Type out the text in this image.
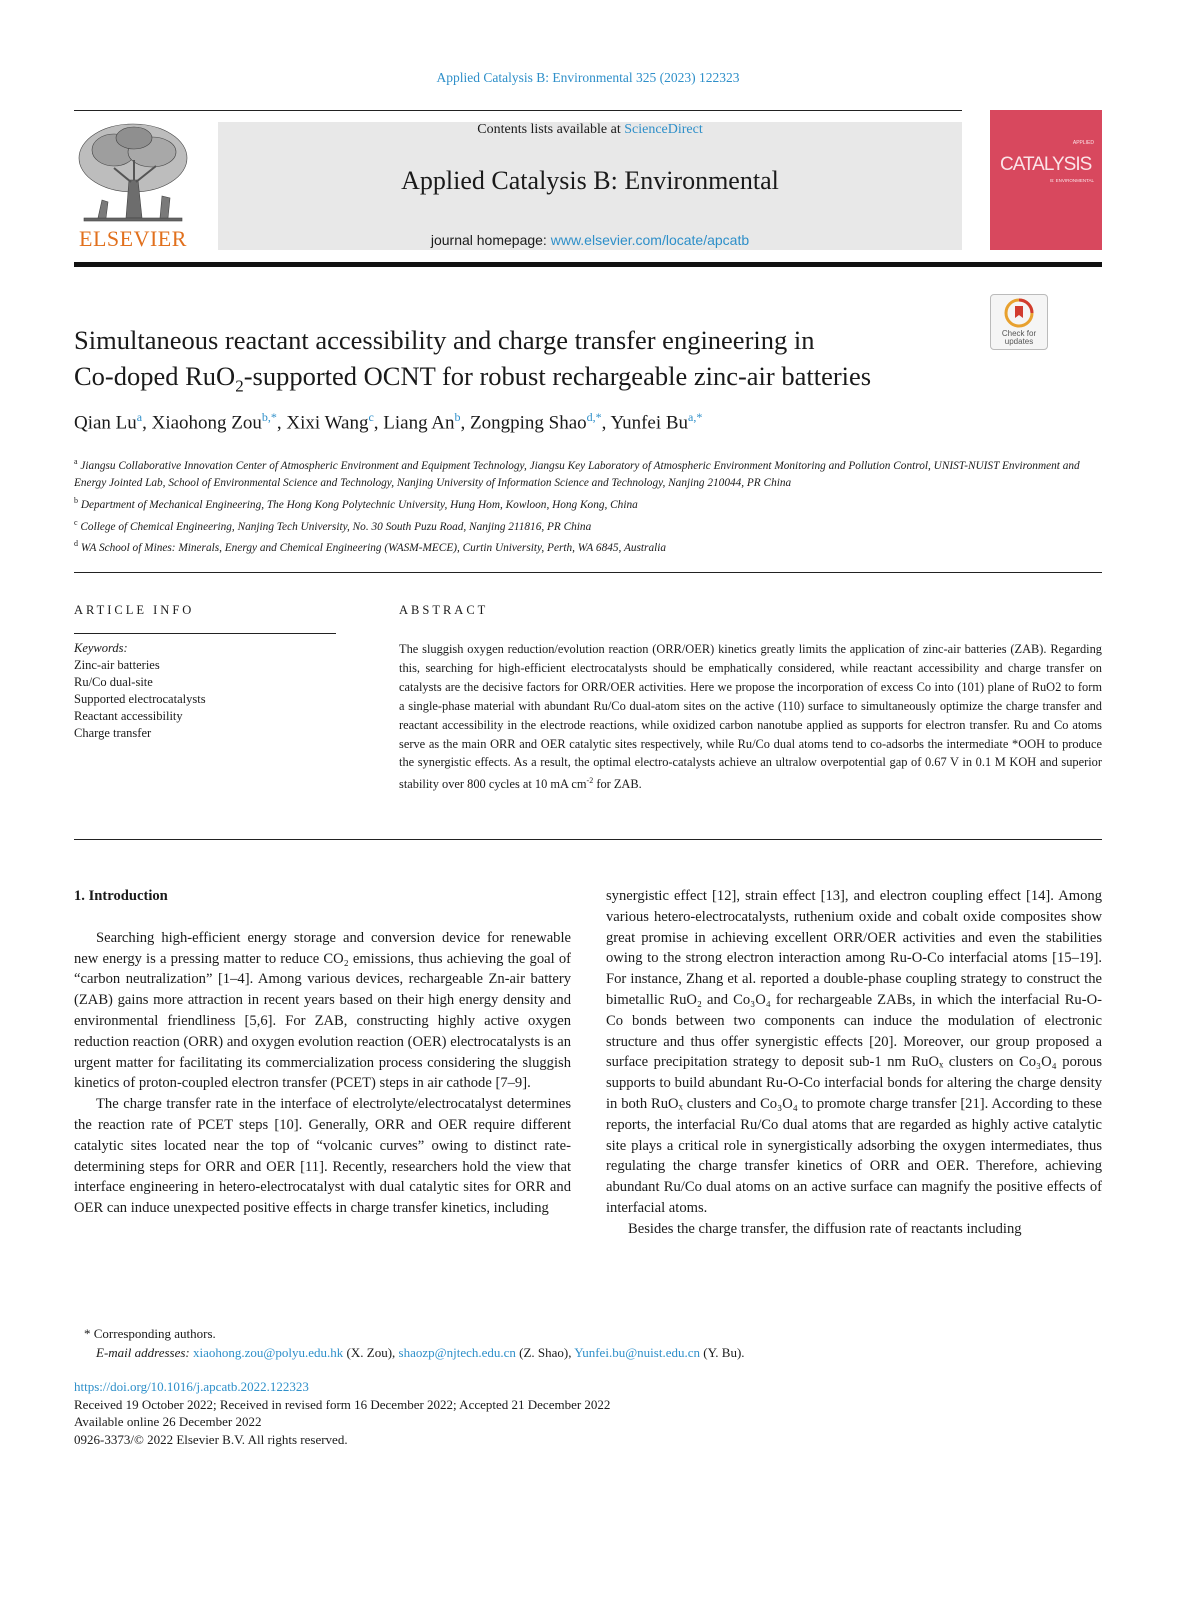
Applied Catalysis B: Environmental 325 (2023) 122323
ELSEVIER
Contents lists available at ScienceDirect
Applied Catalysis B: Environmental
journal homepage: www.elsevier.com/locate/apcatb
APPLIED
CATALYSIS
B: ENVIRONMENTAL
Check for
updates
Simultaneous reactant accessibility and charge transfer engineering in
Co-doped RuO$_2$-supported OCNT for robust rechargeable zinc-air batteries
Qian Lu$^a$, Xiaohong Zou$^{b,*}$, Xixi Wang$^c$, Liang An$^b$, Zongping Shao$^{d,*}$, Yunfei $Bu^{a,*}$

$^a$ Jiangsu Collaborative Innovation Center of Atmospheric Environment and Equipment Technology, Jiangsu Key Laboratory of Atmospheric Environment Monitoring and Pollution Control, UNIST-NUIST Environment and Energy Jointed Lab, School of Environmental Science and Technology, Nanjing University of Information Science and Technology, Nanjing 210044, PR China

$^b$ Department of Mechanical Engineering, The Hong Kong Polytechnic University, Hung Hom, Kowloon, Hong Kong, China

$^c$ College of Chemical Engineering, Nanjing Tech University, No. 30 South Puzu Road, Nanjing 211816, PR China

$^d$ WA School of Mines: Minerals, Energy and Chemical Engineering (WASM-MECE), Curtin University, Perth, WA 6845, Australia

ARTICLE INFO

Keywords:

Zinc-air batteries

Ru/Co dual-site

Supported electrocatalysts

Reactant accessibility

Charge transfer

ABSTRACT
The sluggish oxygen reduction/evolution reaction (ORR/OER) kinetics greatly limits the application of zinc-air batteries (ZAB). Regarding this, searching for high-efficient electrocatalysts should be emphatically considered, while reactant accessibility and charge transfer on catalysts are the decisive factors for ORR/OER activities. Here we propose the incorporation of excess Co into (101) plane of RuO2 to form a single-phase material with abundant Ru/Co dual-atom sites on the active (110) surface to simultaneously optimize the charge transfer and reactant accessibility in the electrode reactions, while oxidized carbon nanotube applied as supports for electron transfer. Ru and Co atoms serve as the main ORR and OER catalytic sites respectively, while Ru/Co dual atoms tend to co-adsorbs the intermediate *OOH to produce the synergistic effects. As a result, the optimal electro-catalysts achieve an ultralow overpotential gap of 0.67 V in 0.1 M KOH and superior stability over 800 cycles at 10 mA $cm^{-2}$ for ZAB.

1. Introduction

Searching high-efficient energy storage and conversion device for renewable new energy is a pressing matter to reduce CO₂ emissions, thus achieving the goal of “carbon neutralization” [1–4]. Among various devices, rechargeable Zn-air battery (ZAB) gains more attraction in recent years based on their high energy density and environmental friendliness [5,6]. For ZAB, constructing highly active oxygen reduction reaction (ORR) and oxygen evolution reaction (OER) electrocatalysts is an urgent matter for facilitating its commercialization process considering the sluggish kinetics of proton-coupled electron transfer (PCET) steps in air cathode [7–9].

The charge transfer rate in the interface of electrolyte/electrocatalyst determines the reaction rate of PCET steps [10]. Generally, ORR and OER require different catalytic sites located near the top of “volcanic curves” owing to distinct rate-determining steps for ORR and OER [11]. Recently, researchers hold the view that interface engineering in hetero-electrocatalyst with dual catalytic sites for ORR and OER can induce unexpected positive effects in charge transfer kinetics, including

synergistic effect [12], strain effect [13], and electron coupling effect [14]. Among various hetero-electrocatalysts, ruthenium oxide and cobalt oxide composites show great promise in achieving excellent ORR/OER activities and even the stabilities owing to the strong electron interaction among Ru-O-Co interfacial atoms [15–19]. For instance, Zhang et al. reported a double-phase coupling strategy to construct the bimetallic RuO₂ and Co₃O₄ for rechargeable ZABs, in which the interfacial Ru-O-Co bonds between two components can induce the modulation of electronic structure and thus offer synergistic effects [20]. Moreover, our group proposed a surface precipitation strategy to deposit sub-1 nm RuOₓ clusters on Co₃O₄ porous supports to build abundant Ru-O-Co interfacial bonds for altering the charge density in both RuOₓ clusters and Co₃O₄ to promote charge transfer [21]. According to these reports, the interfacial Ru/Co dual atoms that are regarded as highly active catalytic site plays a critical role in synergistically adsorbing the oxygen intermediates, thus regulating the charge transfer kinetics of ORR and OER. Therefore, achieving abundant Ru/Co dual atoms on an active surface can magnify the positive effects of interfacial atoms.

Besides the charge transfer, the diffusion rate of reactants including

* Corresponding authors.

E-mail addresses: xiaohong.zou@polyu.edu.hk (X. Zou), shaozp@njtech.edu.cn (Z. Shao), Yunfei.bu@nuist.edu.cn (Y. Bu).

https://doi.org/10.1016/j.apcatb.2022.122323

Received 19 October 2022; Received in revised form 16 December 2022; Accepted 21 December 2022

Available online 26 December 2022

0926-3373/© 2022 Elsevier B.V. All rights reserved.
